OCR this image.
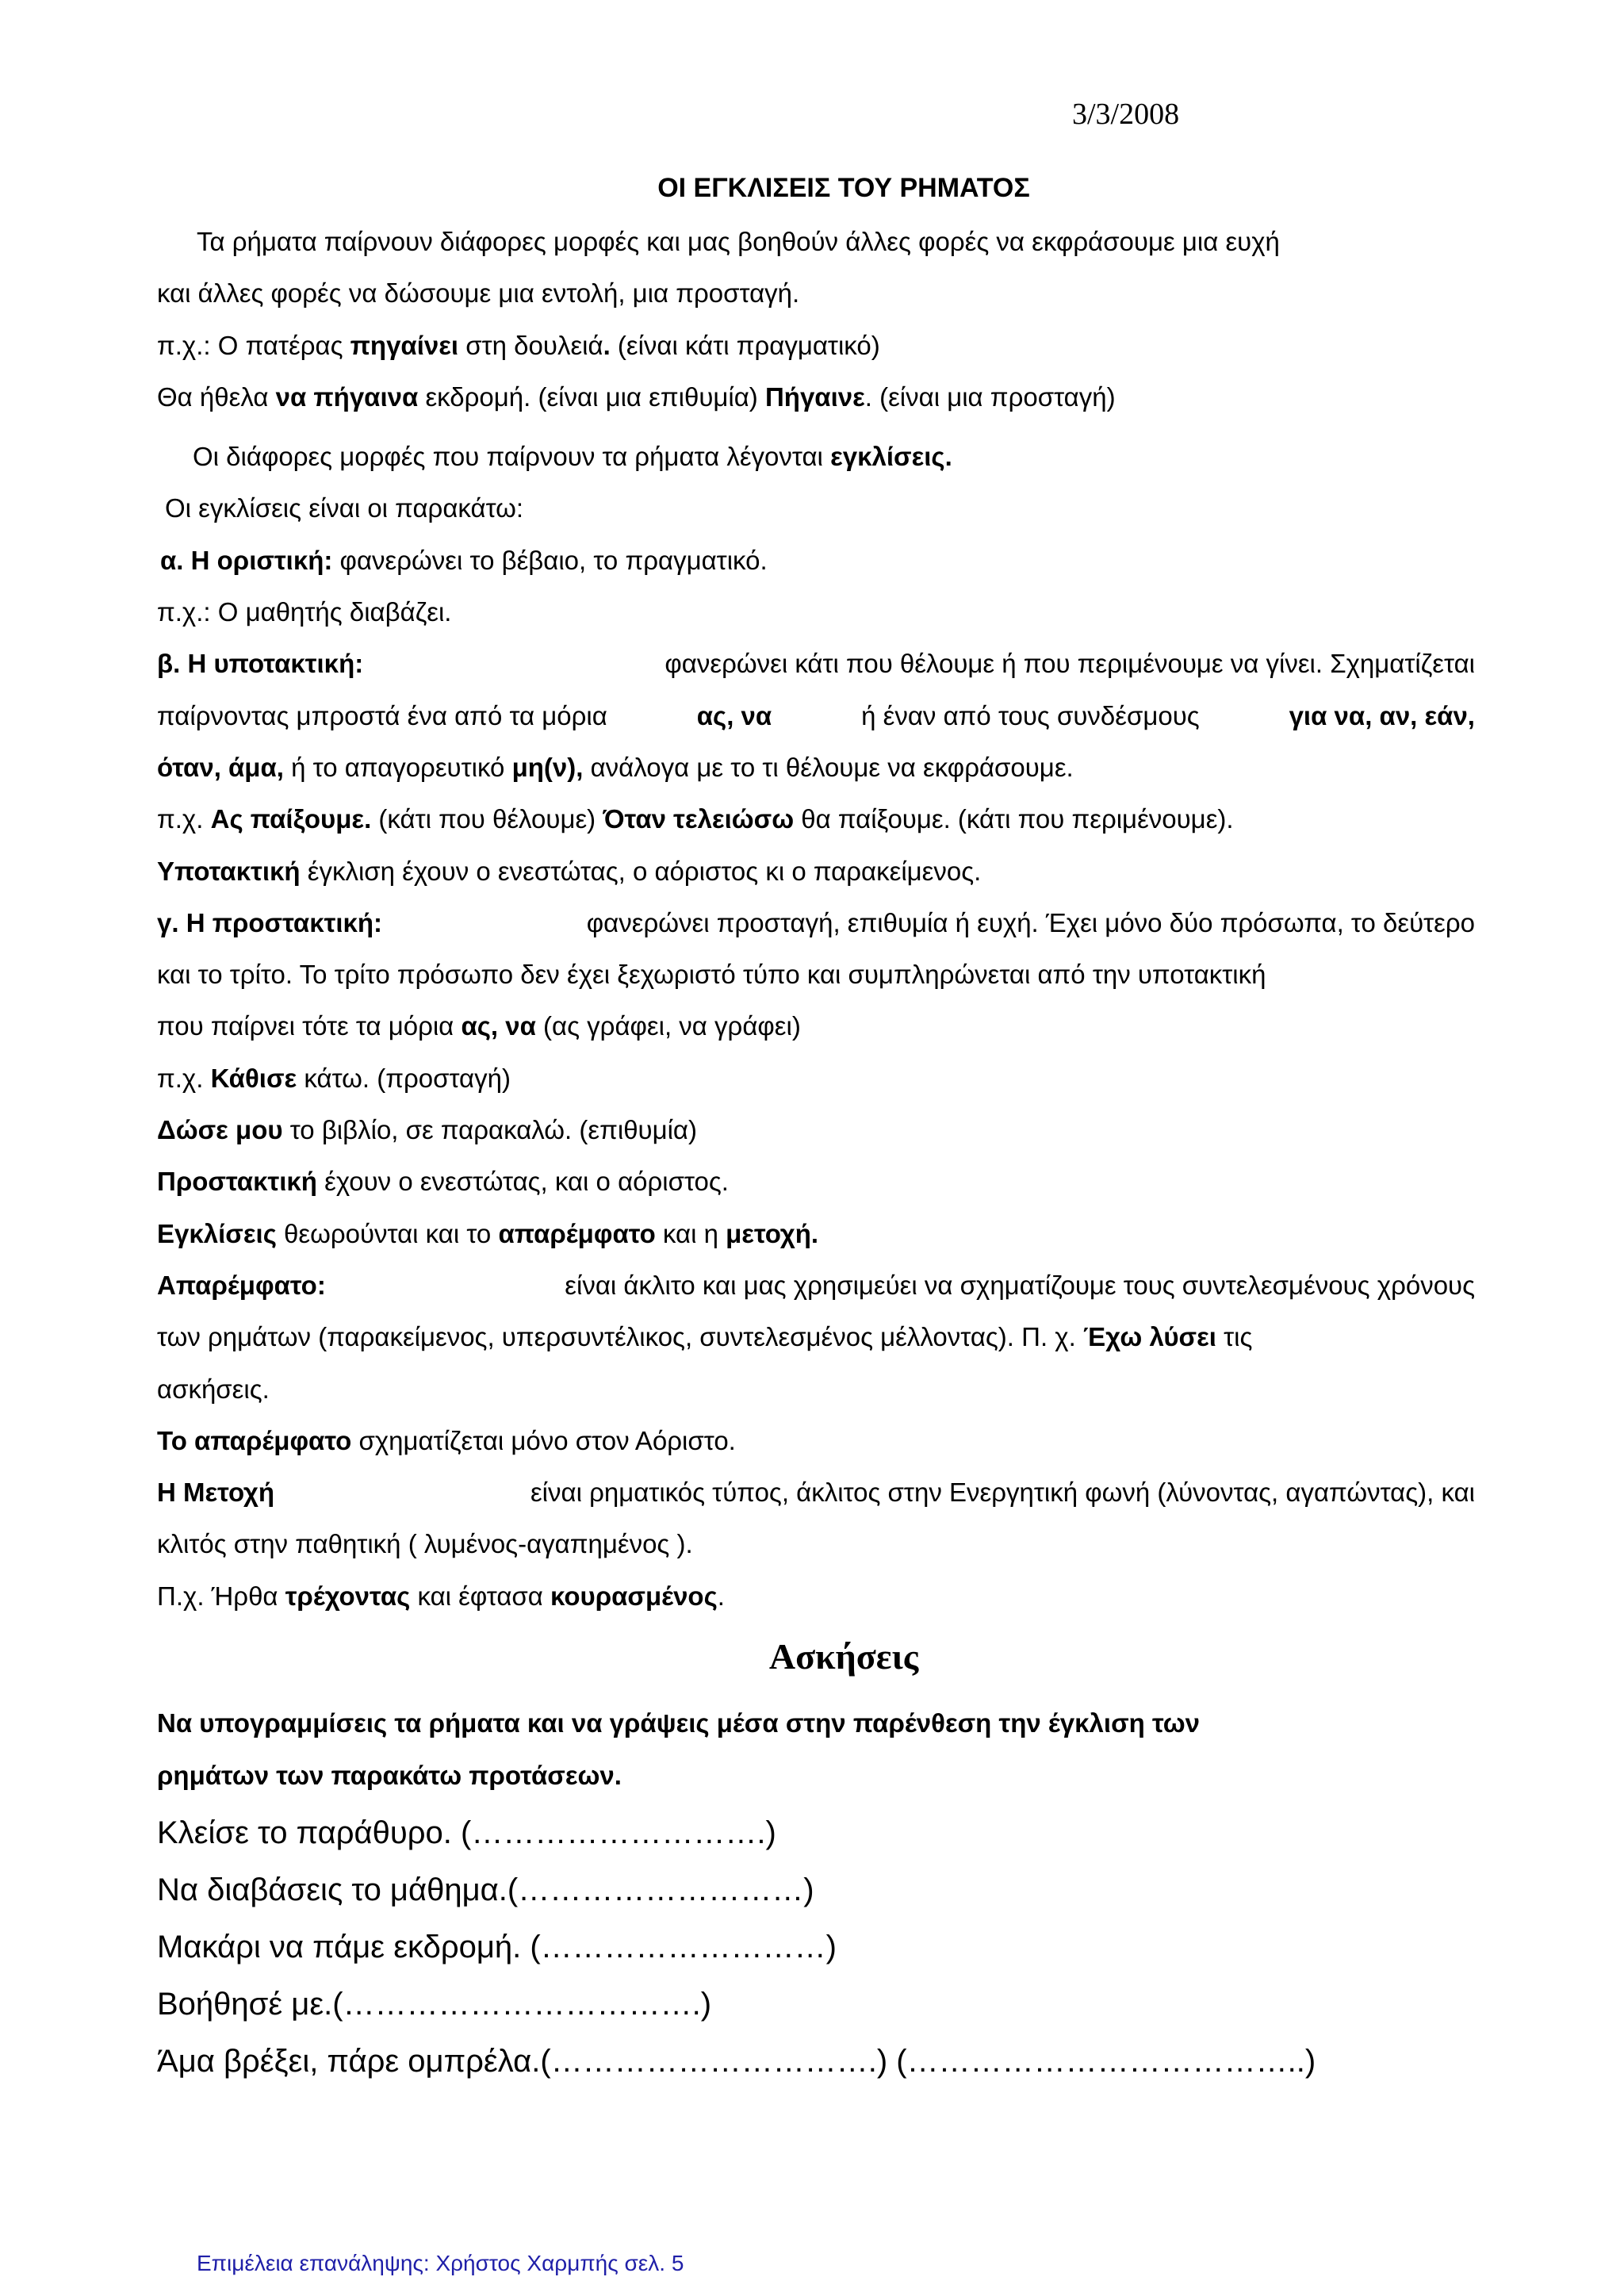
3/3/2008
ΟΙ ΕΓΚΛΙΣΕΙΣ ΤΟΥ ΡΗΜΑΤΟΣ
Τα ρήματα παίρνουν διάφορες μορφές και μας βοηθούν άλλες φορές να εκφράσουμε μια ευχή
και άλλες φορές να δώσουμε μια εντολή, μια προσταγή.
π.χ.: Ο πατέρας πηγαίνει στη δουλειά. (είναι κάτι πραγματικό)
Θα ήθελα να πήγαινα εκδρομή. (είναι μια επιθυμία) Πήγαινε. (είναι μια προσταγή)
Οι διάφορες μορφές που παίρνουν τα ρήματα λέγονται εγκλίσεις.
Οι εγκλίσεις είναι οι παρακάτω:
α. Η οριστική: φανερώνει το βέβαιο, το πραγματικό.
π.χ.: Ο μαθητής διαβάζει.
β. Η υποτακτική:	φανερώνει κάτι που θέλουμε ή που περιμένουμε να γίνει. Σχηματίζεται
παίρνοντας μπροστά ένα από τα μόρια	ας, να	ή έναν από τους συνδέσμους	για να, αν, εάν,
όταν, άμα, ή το απαγορευτικό μη(ν), ανάλογα με το τι θέλουμε να εκφράσουμε.
π.χ. Ας παίξουμε. (κάτι που θέλουμε) Όταν τελειώσω θα παίξουμε. (κάτι που περιμένουμε).
Υποτακτική έγκλιση έχουν ο ενεστώτας, ο αόριστος κι ο παρακείμενος.
γ. Η προστακτική:	φανερώνει προσταγή, επιθυμία ή ευχή. Έχει μόνο δύο πρόσωπα, το δεύτερο
και το τρίτο. Το τρίτο πρόσωπο δεν έχει ξεχωριστό τύπο και συμπληρώνεται από την υποτακτική
που παίρνει τότε τα μόρια ας, να (ας γράφει, να γράφει)
π.χ. Κάθισε κάτω. (προσταγή)
Δώσε μου το βιβλίο, σε παρακαλώ. (επιθυμία)
Προστακτική έχουν ο ενεστώτας, και ο αόριστος.
Εγκλίσεις θεωρούνται και το απαρέμφατο και η μετοχή.
Απαρέμφατο:	είναι άκλιτο και μας χρησιμεύει να σχηματίζουμε τους συντελεσμένους χρόνους
των ρημάτων (παρακείμενος, υπερσυντέλικος, συντελεσμένος μέλλοντας). Π. χ. Έχω λύσει τις
ασκήσεις.
Το απαρέμφατο σχηματίζεται μόνο στον Αόριστο.
Η Μετοχή	είναι ρηματικός τύπος, άκλιτος στην Ενεργητική φωνή (λύνοντας, αγαπώντας), και
κλιτός στην παθητική ( λυμένος-αγαπημένος ).
Π.χ. Ήρθα τρέχοντας και έφτασα κουρασμένος.
Ασκήσεις
Να υπογραμμίσεις τα ρήματα και να γράψεις μέσα στην παρένθεση την έγκλιση των
ρημάτων των παρακάτω προτάσεων.
Κλείσε το παράθυρο. (……………………….)
Να διαβάσεις το μάθημα.(………………………)
Μακάρι να πάμε εκδρομή. (………………………)
Βοήθησέ με.(…………………………….)
Άμα βρέξει, πάρε ομπρέλα.(………………………….) (………………………………..)
Επιμέλεια επανάληψης: Χρήστος Χαρμπής σελ. 5
